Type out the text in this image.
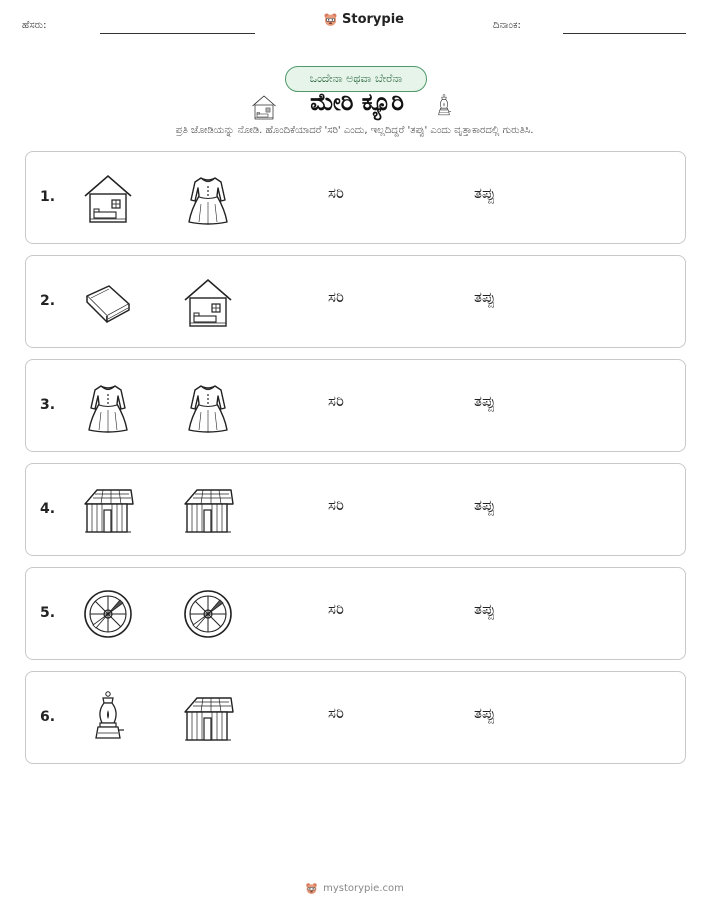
ಹೆಸರು:	Storypie	ದಿನಾಂಕ:
ಒಂದೇನಾ ಅಥವಾ ಬೇರೆನಾ
ಮೇರಿ ಕ್ಯೂರಿ
ಪ್ರತಿ ಜೋಡಿಯನ್ನು ನೋಡಿ. ಹೊಂದಿಕೆಯಾದರೆ 'ಸರಿ' ಎಂದು, ಇಲ್ಲದಿದ್ದರೆ 'ತಪ್ಪು' ಎಂದು ವೃತ್ತಾಕಾರದಲ್ಲಿ ಗುರುತಿಸಿ.
1.	ಸರಿ	ತಪ್ಪು
2.	ಸರಿ	ತಪ್ಪು
3.	ಸರಿ	ತಪ್ಪು
4.	ಸರಿ	ತಪ್ಪು
5.	ಸರಿ	ತಪ್ಪು
6.	ಸರಿ	ತಪ್ಪು
mystorypie.com
